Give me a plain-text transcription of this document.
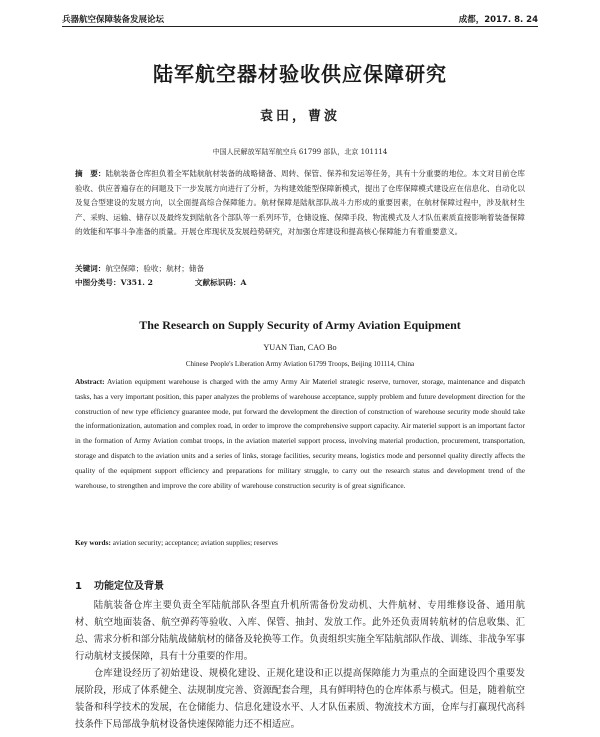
兵器航空保障装备发展论坛	成都，2017. 8. 24
陆军航空器材验收供应保障研究
袁田，曹波
中国人民解放军陆军航空兵 61799 部队，北京 101114
摘　要：陆航装备仓库担负着全军陆航航材装备的战略储备、周转、保管、保养和发运等任务，具有十分重要的地位。本文对目前仓库验收、供应普遍存在的问题及下一步发展方向进行了分析，为构建效能型保障新模式，提出了仓库保障模式建设应在信息化、自动化以及复合型建设的发展方向，以全面提高综合保障能力。航材保障是陆航部队战斗力形成的重要因素，在航材保障过程中，涉及航材生产、采购、运输、储存以及最终发到陆航各个部队等一系列环节，仓储设施、保障手段、物流模式及人才队伍素质直接影响着装备保障的效能和军事斗争准备的质量。开展仓库现状及发展趋势研究，对加强仓库建设和提高核心保障能力有着重要意义。
关键词：航空保障；验收；航材；储备
中图分类号：V351. 2	文献标识码：A
The Research on Supply Security of Army Aviation Equipment
YUAN Tian, CAO Bo
Chinese People's Liberation Army Aviation 61799 Troops, Beijing 101114, China
Abstract: Aviation equipment warehouse is charged with the army Army Air Materiel strategic reserve, turnover, storage, maintenance and dispatch tasks, has a very important position, this paper analyzes the problems of warehouse acceptance, supply problem and future development direction for the construction of new type efficiency guarantee mode, put forward the development the direction of construction of warehouse security mode should take the informationization, automation and complex road, in order to improve the comprehensive support capacity. Air materiel support is an important factor in the formation of Army Aviation combat troops, in the aviation materiel support process, involving material production, procurement, transportation, storage and dispatch to the aviation units and a series of links, storage facilities, security means, logistics mode and personnel quality directly affects the quality of the equipment support efficiency and preparations for military struggle, to carry out the research status and development trend of the warehouse, to strengthen and improve the core ability of warehouse construction security is of great significance.
Key words: aviation security; acceptance; aviation supplies; reserves
1 功能定位及背景
陆航装备仓库主要负责全军陆航部队各型直升机所需备份发动机、大件航材、专用维修设备、通用航材、航空地面装备、航空弹药等验收、入库、保管、抽封、发放工作。此外还负责周转航材的信息收集、汇总、需求分析和部分陆航战储航材的储备及轮换等工作。负责组织实施全军陆航部队作战、训练、非战争军事行动航材支援保障，具有十分重要的作用。
仓库建设经历了初始建设、规模化建设、正规化建设和正以提高保障能力为重点的全面建设四个重要发展阶段，形成了体系健全、法规制度完善、资源配套合理，具有鲜明特色的仓库体系与模式。但是，随着航空装备和科学技术的发展，在仓储能力、信息化建设水平、人才队伍素质、物流技术方面，仓库与打赢现代高科技条件下局部战争航材设备快速保障能力还不相适应。
